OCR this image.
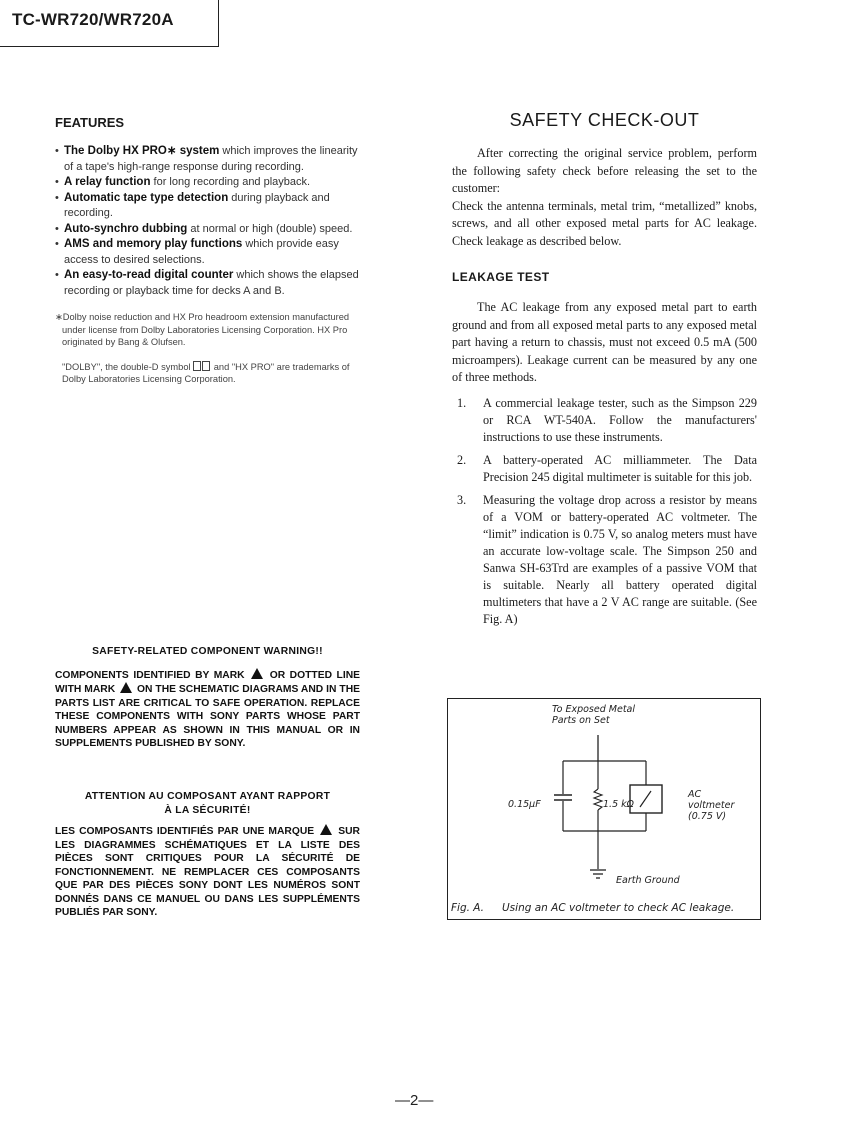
TC-WR720/WR720A
FEATURES
• The Dolby HX PRO∗ system which improves the linearity of a tape's high-range response during recording.
• A relay function for long recording and playback.
• Automatic tape type detection during playback and recording.
• Auto-synchro dubbing at normal or high (double) speed.
• AMS and memory play functions which provide easy access to desired selections.
• An easy-to-read digital counter which shows the elapsed recording or playback time for decks A and B.
∗Dolby noise reduction and HX Pro headroom extension manufactured under license from Dolby Laboratories Licensing Corporation. HX Pro originated by Bang & Olufsen.
"DOLBY", the double-D symbol  and "HX PRO" are trademarks of Dolby Laboratories Licensing Corporation.
SAFETY-RELATED COMPONENT WARNING!!
COMPONENTS IDENTIFIED BY MARK  OR DOTTED LINE WITH MARK  ON THE SCHEMATIC DIAGRAMS AND IN THE PARTS LIST ARE CRITICAL TO SAFE OPERATION. REPLACE THESE COMPONENTS WITH SONY PARTS WHOSE PART NUMBERS APPEAR AS SHOWN IN THIS MANUAL OR IN SUPPLEMENTS PUBLISHED BY SONY.
ATTENTION AU COMPOSANT AYANT RAPPORT
À LA SÉCURITÉ!
LES COMPOSANTS IDENTIFIÉS PAR UNE MARQUE  SUR LES DIAGRAMMES SCHÉMATIQUES ET LA LISTE DES PIÈCES SONT CRITIQUES POUR LA SÉCURITÉ DE FONCTIONNEMENT. NE REMPLACER CES COMPOSANTS QUE PAR DES PIÈCES SONY DONT LES NUMÉROS SONT DONNÉS DANS CE MANUEL OU DANS LES SUPPLÉMENTS PUBLIÉS PAR SONY.
SAFETY CHECK-OUT

After correcting the original service problem, perform the following safety check before releasing the set to the customer:

Check the antenna terminals, metal trim, “metallized” knobs, screws, and all other exposed metal parts for AC leakage. Check leakage as described below.

LEAKAGE TEST

The AC leakage from any exposed metal part to earth ground and from all exposed metal parts to any exposed metal part having a return to chassis, must not exceed 0.5 mA (500 microampers). Leakage current can be measured by any one of three methods.

1. A commercial leakage tester, such as the Simpson 229 or RCA WT-540A. Follow the manufacturers' instructions to use these instruments.
2. A battery-operated AC milliammeter. The Data Precision 245 digital multimeter is suitable for this job.
3. Measuring the voltage drop across a resistor by means of a VOM or battery-operated AC voltmeter. The “limit” indication is 0.75 V, so analog meters must have an accurate low-voltage scale. The Simpson 250 and Sanwa SH-63Trd are examples of a passive VOM that is suitable. Nearly all battery operated digital multimeters that have a 2 V AC range are suitable. (See Fig. A)
To Exposed Metal
Parts on Set
0.15μF	1.5 kΩ
AC
voltmeter
(0.75 V)
Earth Ground
Fig. A. Using an AC voltmeter to check AC leakage.
—2—
